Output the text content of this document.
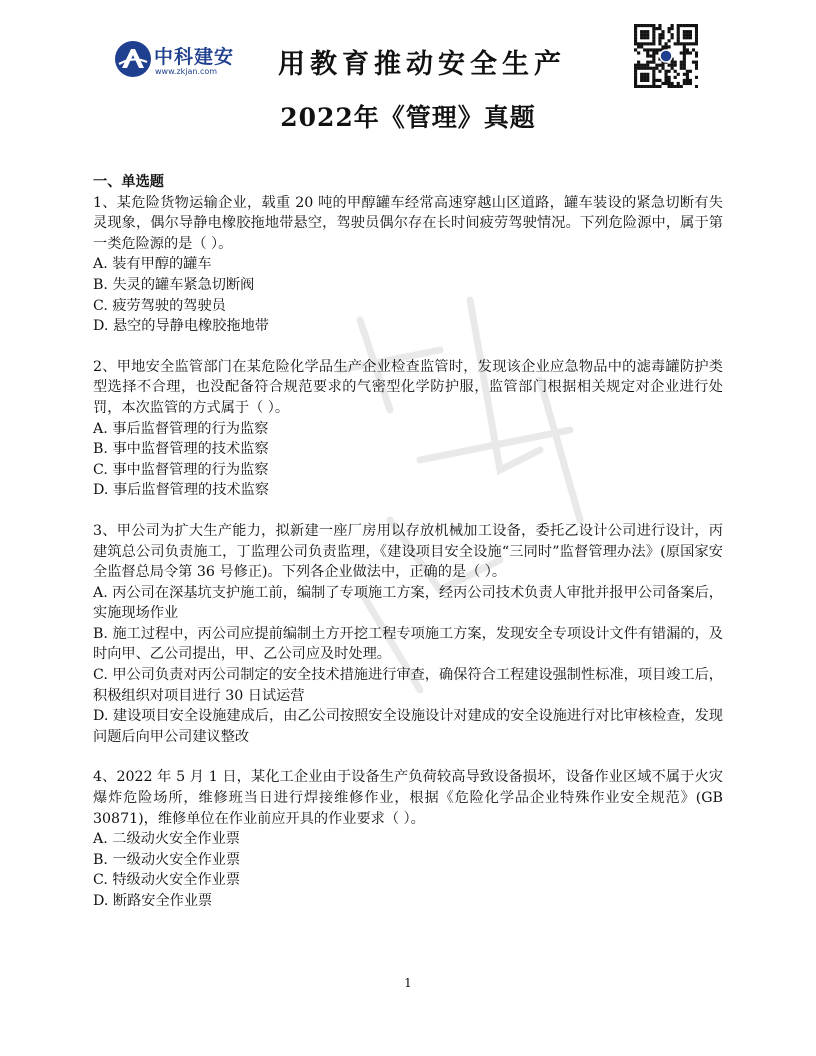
中科建安
www.zkjan.com 用教育推动安全生产
2022年《管理》真题
一、单选题

1、某危险货物运输企业，载重 20 吨的甲醇罐车经常高速穿越山区道路，罐车装设的紧急切断有失灵现象，偶尔导静电橡胶拖地带悬空，驾驶员偶尔存在长时间疲劳驾驶情况。下列危险源中，属于第一类危险源的是（ ）。

A. 装有甲醇的罐车

B. 失灵的罐车紧急切断阀

C. 疲劳驾驶的驾驶员

D. 悬空的导静电橡胶拖地带

2、甲地安全监管部门在某危险化学品生产企业检查监管时，发现该企业应急物品中的滤毒罐防护类型选择不合理，也没配备符合规范要求的气密型化学防护服，监管部门根据相关规定对企业进行处罚，本次监管的方式属于（ ）。

A. 事后监督管理的行为监察

B. 事中监督管理的技术监察

C. 事中监督管理的行为监察

D. 事后监督管理的技术监察

3、甲公司为扩大生产能力，拟新建一座厂房用以存放机械加工设备，委托乙设计公司进行设计，丙建筑总公司负责施工，丁监理公司负责监理，《建设项目安全设施“三同时”监督管理办法》(原国家安全监督总局令第 36 号修正)。下列各企业做法中，正确的是（ ）。

A. 丙公司在深基坑支护施工前，编制了专项施工方案，经丙公司技术负责人审批并报甲公司备案后，实施现场作业

B. 施工过程中，丙公司应提前编制土方开挖工程专项施工方案，发现安全专项设计文件有错漏的，及时向甲、乙公司提出，甲、乙公司应及时处理。

C. 甲公司负责对丙公司制定的安全技术措施进行审查，确保符合工程建设强制性标准，项目竣工后，积极组织对项目进行 30 日试运营

D. 建设项目安全设施建成后，由乙公司按照安全设施设计对建成的安全设施进行对比审核检查，发现问题后向甲公司建议整改

4、2022 年 5 月 1 日，某化工企业由于设备生产负荷较高导致设备损坏，设备作业区域不属于火灾爆炸危险场所，维修班当日进行焊接维修作业，根据《危险化学品企业特殊作业安全规范》(GB 30871)，维修单位在作业前应开具的作业要求（ ）。

A. 二级动火安全作业票

B. 一级动火安全作业票

C. 特级动火安全作业票

D. 断路安全作业票

1
